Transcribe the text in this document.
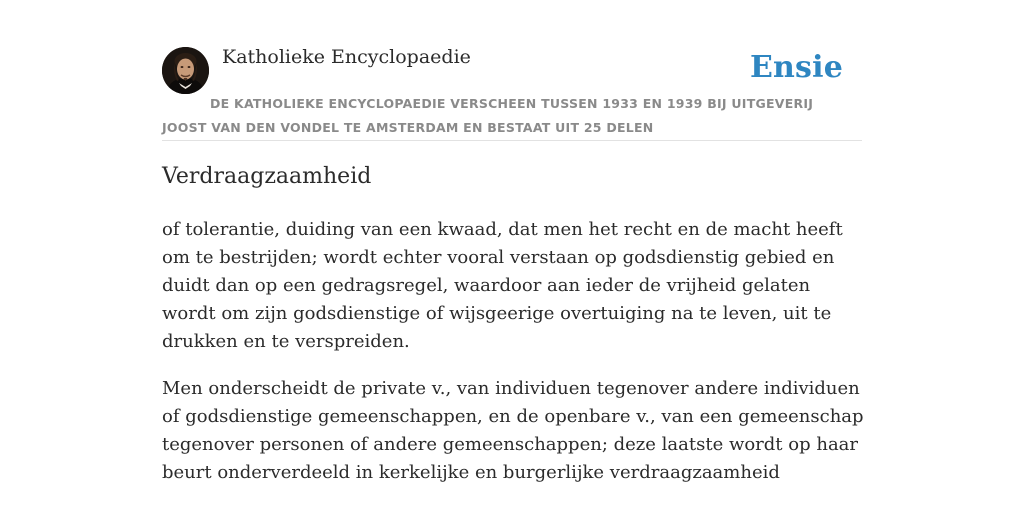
Katholieke Encyclopaedie	Ensie
DE KATHOLIEKE ENCYCLOPAEDIE VERSCHEEN TUSSEN 1933 EN 1939 BIJ UITGEVERIJ JOOST VAN DEN VONDEL TE AMSTERDAM EN BESTAAT UIT 25 DELEN
Verdraagzaamheid

of tolerantie, duiding van een kwaad, dat men het recht en de macht heeft om te bestrijden; wordt echter vooral verstaan op godsdienstig gebied en duidt dan op een gedragsregel, waardoor aan ieder de vrijheid gelaten wordt om zijn godsdienstige of wijsgeerige overtuiging na te leven, uit te drukken en te verspreiden.

Men onderscheidt de private v., van individuen tegenover andere individuen of godsdienstige gemeenschappen, en de openbare v., van een gemeenschap tegenover personen of andere gemeenschappen; deze laatste wordt op haar beurt onderverdeeld in kerkelijke en burgerlijke verdraagzaamheid
